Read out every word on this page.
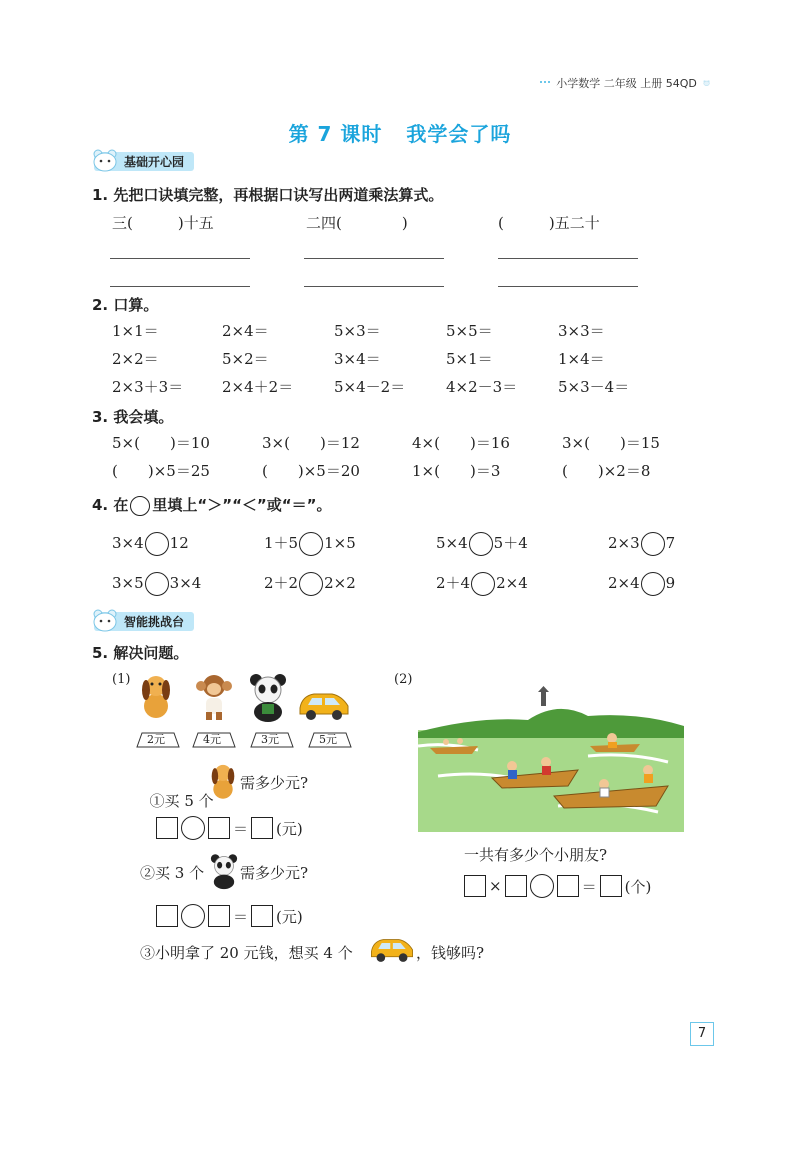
小学数学 二年级 上册 54QD
第 7 课时 我学会了吗
基础开心园
1. 先把口诀填完整，再根据口诀写出两道乘法算式。
三(　　　)十五	二四(　　　　)	(　　　)五二十
2. 口算。
1×1＝	2×4＝	5×3＝	5×5＝	3×3＝
2×2＝	5×2＝	3×4＝	5×1＝	1×4＝
2×3＋3＝	2×4＋2＝	5×4－2＝	4×2－3＝	5×3－4＝
3. 我会填。
5×(　　)＝10	3×(　　)＝12	4×(　　)＝16	3×(　　)＝15
(　　)×5＝25	(　　)×5＝20	1×(　　)＝3	(　　)×2＝8
4. 在 里填上“＞”“＜”或“＝”。
3×4 12	1＋5 1×5	5×4 5＋4	2×3 7
3×5 3×4	2＋2 2×2	2＋4 2×4	2×4 9
智能挑战台
5. 解决问题。
(1)
2元	4元	3元	5元

①买 5 个

需多少元?
＝ (元)
②买 3 个 需多少元?
＝ (元)
③小明拿了 20 元钱，想买 4 个	，钱够吗?
(2)
一共有多少个小朋友?
×	＝ (个)
7
